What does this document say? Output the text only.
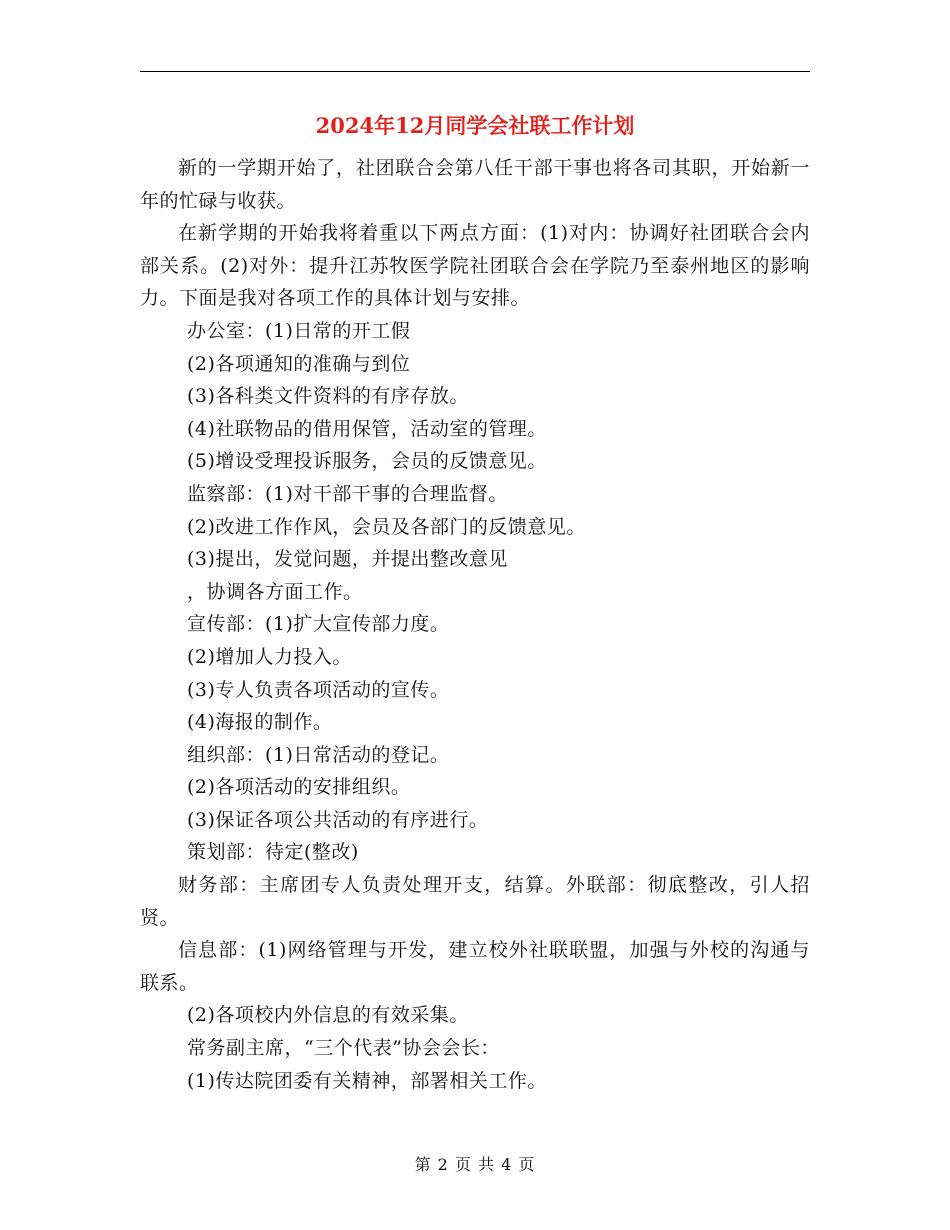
2024年12月同学会社联工作计划

新的一学期开始了，社团联合会第八任干部干事也将各司其职，开始新一年的忙碌与收获。

在新学期的开始我将着重以下两点方面：(1)对内：协调好社团联合会内部关系。(2)对外：提升江苏牧医学院社团联合会在学院乃至泰州地区的影响力。下面是我对各项工作的具体计划与安排。

办公室：(1)日常的开工假

(2)各项通知的准确与到位

(3)各科类文件资料的有序存放。

(4)社联物品的借用保管，活动室的管理。

(5)增设受理投诉服务，会员的反馈意见。

监察部：(1)对干部干事的合理监督。

(2)改进工作作风，会员及各部门的反馈意见。

(3)提出，发觉问题，并提出整改意见

，协调各方面工作。

宣传部：(1)扩大宣传部力度。

(2)增加人力投入。

(3)专人负责各项活动的宣传。

(4)海报的制作。

组织部：(1)日常活动的登记。

(2)各项活动的安排组织。

(3)保证各项公共活动的有序进行。

策划部：待定(整改)

财务部：主席团专人负责处理开支，结算。外联部：彻底整改，引人招贤。

信息部：(1)网络管理与开发，建立校外社联联盟，加强与外校的沟通与联系。

(2)各项校内外信息的有效采集。

常务副主席，“三个代表”协会会长：

(1)传达院团委有关精神，部署相关工作。

第 2 页 共 4 页
